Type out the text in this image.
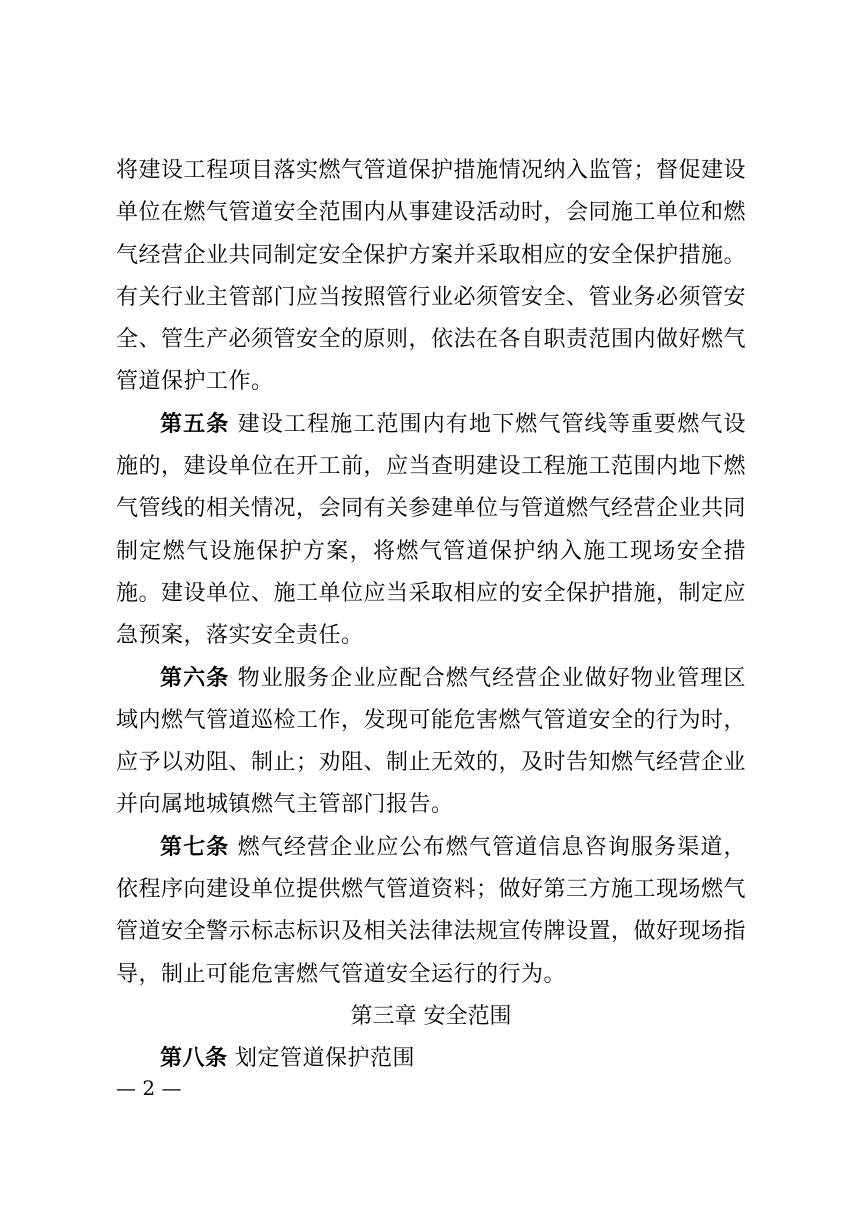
将建设工程项目落实燃气管道保护措施情况纳入监管；督促建设单位在燃气管道安全范围内从事建设活动时，会同施工单位和燃气经营企业共同制定安全保护方案并采取相应的安全保护措施。有关行业主管部门应当按照管行业必须管安全、管业务必须管安全、管生产必须管安全的原则，依法在各自职责范围内做好燃气管道保护工作。

第五条 建设工程施工范围内有地下燃气管线等重要燃气设施的，建设单位在开工前，应当查明建设工程施工范围内地下燃气管线的相关情况，会同有关参建单位与管道燃气经营企业共同制定燃气设施保护方案，将燃气管道保护纳入施工现场安全措施。建设单位、施工单位应当采取相应的安全保护措施，制定应急预案，落实安全责任。

第六条 物业服务企业应配合燃气经营企业做好物业管理区域内燃气管道巡检工作，发现可能危害燃气管道安全的行为时，应予以劝阻、制止；劝阻、制止无效的，及时告知燃气经营企业并向属地城镇燃气主管部门报告。

第七条 燃气经营企业应公布燃气管道信息咨询服务渠道，依程序向建设单位提供燃气管道资料；做好第三方施工现场燃气管道安全警示标志标识及相关法律法规宣传牌设置，做好现场指导，制止可能危害燃气管道安全运行的行为。

第三章 安全范围

第八条 划定管道保护范围

— 2 —
